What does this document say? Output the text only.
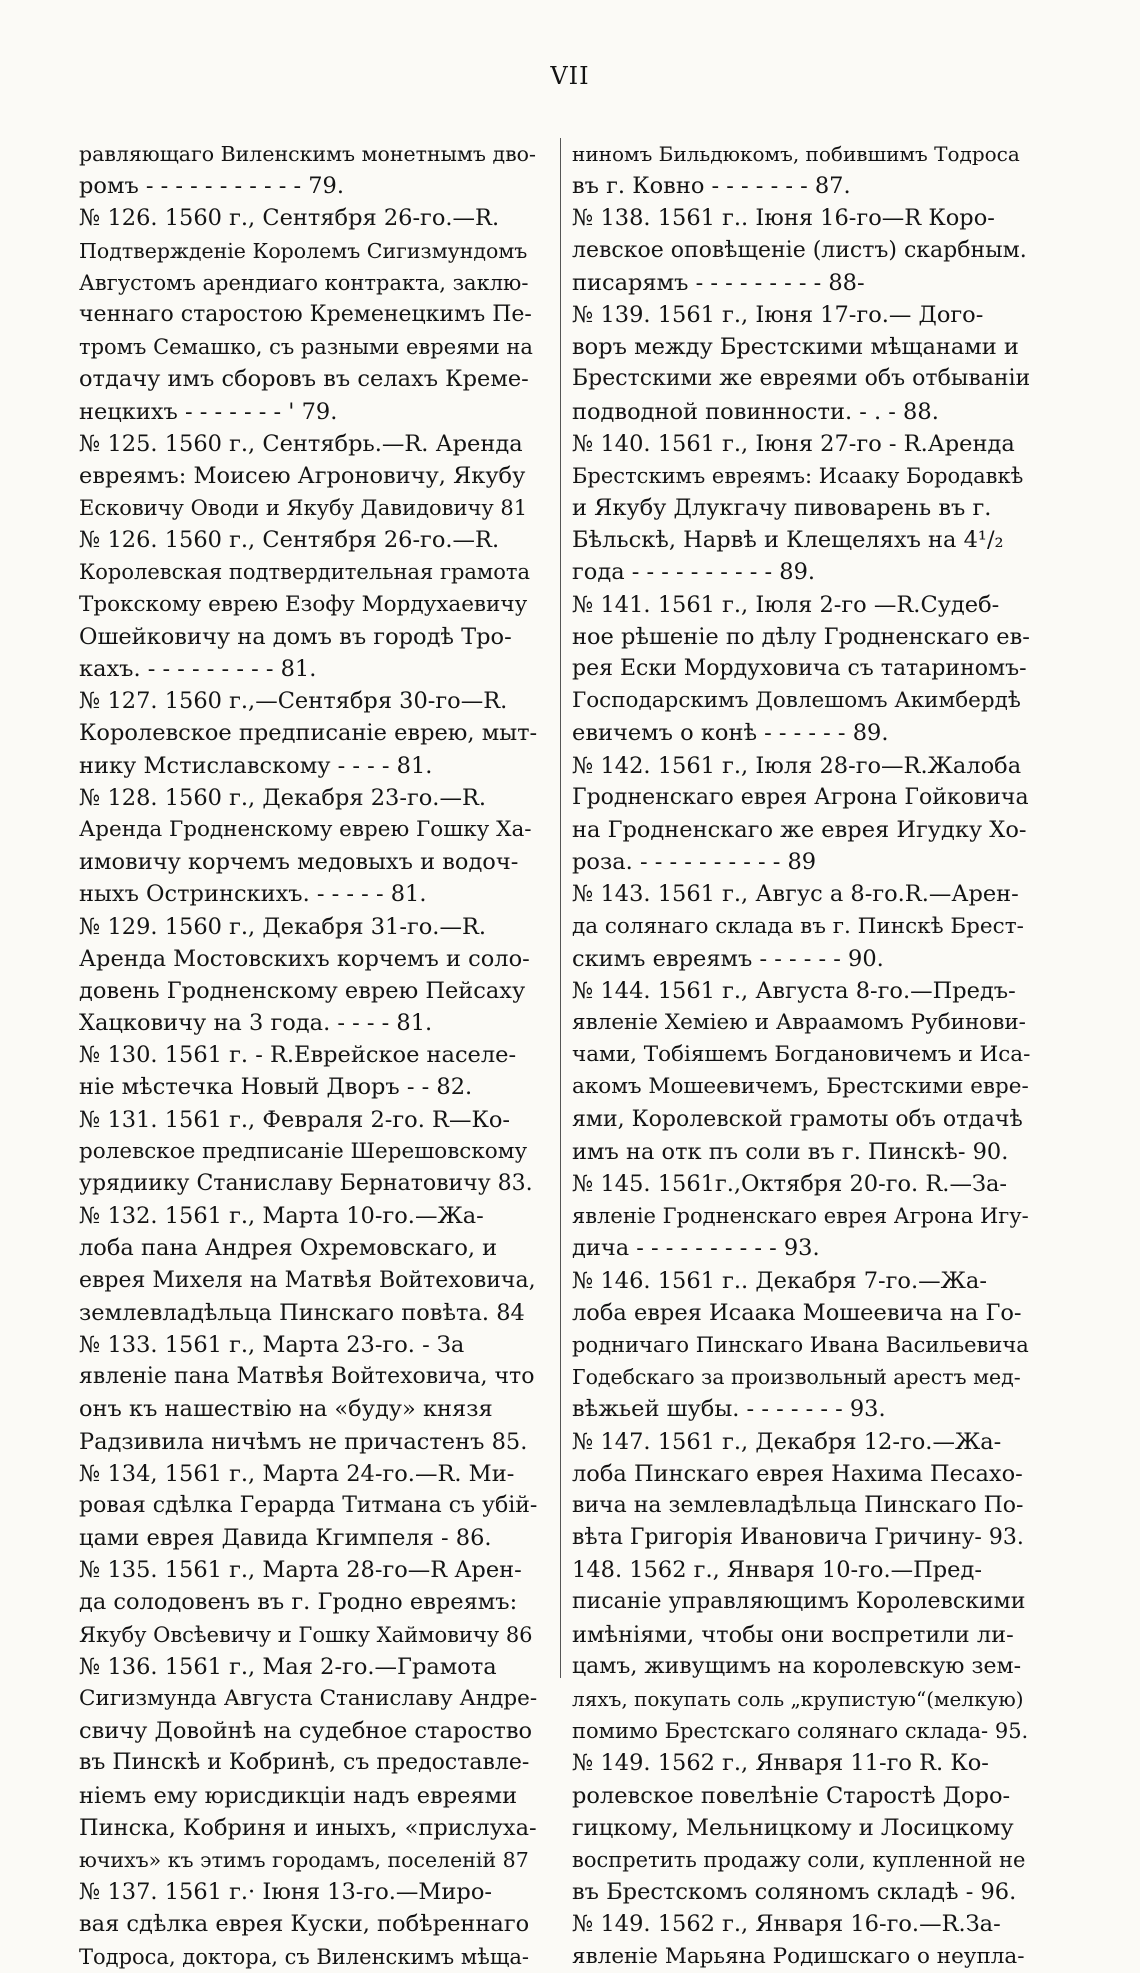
VII
равляющаго Виленскимъ монетнымъ дво-
ромъ - - - - - - - - - - - 79.
№ 126. 1560 г., Сентября 26-го.—R.
Подтвержденіе Королемъ Сигизмундомъ
Августомъ арендиаго контракта, заклю-
ченнаго старостою Кременецкимъ Пе-
тромъ Семашко, съ разными евреями на
отдачу имъ сборовъ въ селахъ Креме-
нецкихъ - - - - - - - ' 79.
№ 125. 1560 г., Сентябрь.—R. Аренда
евреямъ: Моисею Агроновичу, Якубу
Есковичу Оводи и Якубу Давидовичу 81
№ 126. 1560 г., Сентября 26-го.—R.
Королевская подтвердительная грамота
Трокскому еврею Езофу Мордухаевичу
Ошейковичу на домъ въ городѣ Тро-
кахъ. - - - - - - - - - 81.
№ 127. 1560 г.,—Сентября 30-го—R.
Королевское предписаніе еврею, мыт-
нику Мстиславскому - - - - 81.
№ 128. 1560 г., Декабря 23-го.—R.
Аренда Гродненскому еврею Гошку Ха-
имовичу корчемъ медовыхъ и водоч-
ныхъ Остринскихъ. - - - - - 81.
№ 129. 1560 г., Декабря 31-го.—R.
Аренда Мостовскихъ корчемъ и соло-
довень Гродненскому еврею Пейсаху
Хацковичу на 3 года. - - - - 81.
№ 130. 1561 г. - R.Еврейское населе-
ніе мѣстечка Новый Дворъ - - 82.
№ 131. 1561 г., Февраля 2-го. R—Ко-
ролевское предписаніе Шерешовскому
урядиику Станиславу Бернатовичу 83.
№ 132. 1561 г., Марта 10-го.—Жа-
лоба пана Андрея Охремовскаго, и
еврея Михеля на Матвѣя Войтеховича,
землевладѣльца Пинскаго повѣта. 84
№ 133. 1561 г., Марта 23-го. - За
явленіе пана Матвѣя Войтеховича, что
онъ къ нашествію на «буду» князя
Радзивила ничѣмъ не причастенъ 85.
№ 134, 1561 г., Марта 24-го.—R. Ми-
ровая сдѣлка Герарда Титмана съ убій-
цами еврея Давида Кгимпеля - 86.
№ 135. 1561 г., Марта 28-го—R Арен-
да солодовенъ въ г. Гродно евреямъ:
Якубу Овсѣевичу и Гошку Хаймовичу 86
№ 136. 1561 г., Мая 2-го.—Грамота
Сигизмунда Августа Станиславу Андре-
свичу Довойнѣ на судебное староство
въ Пинскѣ и Кобринѣ, съ предоставле-
ніемъ ему юрисдикціи надъ евреями
Пинска, Кобриня и иныхъ, «прислуха-
ючихъ» къ этимъ городамъ, поселеній 87
№ 137. 1561 г.· Іюня 13-го.—Миро-
вая сдѣлка еврея Куски, побѣреннаго
Тодроса, доктора, съ Виленскимъ мѣща-
ниномъ Бильдюкомъ, побившимъ Тодроса
въ г. Ковно - - - - - - - 87.
№ 138. 1561 г.. Іюня 16-го—R Коро-
левское оповѣщеніе (листъ) скарбным.
писарямъ - - - - - - - - - 88-
№ 139. 1561 г., Іюня 17-го.— Дого-
воръ между Брестскими мѣщанами и
Брестскими же евреями объ отбываніи
подводной повинности. - . - 88.
№ 140. 1561 г., Іюня 27-го - R.Аренда
Брестскимъ евреямъ: Исааку Бородавкѣ
и Якубу Длукгачу пивоварень въ г.
Бѣльскѣ, Нарвѣ и Клещеляхъ на 4¹/₂
года - - - - - - - - - - 89.
№ 141. 1561 г., Іюля 2-го —R.Судеб-
ное рѣшеніе по дѣлу Гродненскаго ев-
рея Ески Мордуховича съ татариномъ-
Господарскимъ Довлешомъ Акимбердѣ
евичемъ о конѣ - - - - - - 89.
№ 142. 1561 г., Іюля 28-го—R.Жалоба
Гродненскаго еврея Агрона Гойковича
на Гродненскаго же еврея Игудку Хо-
роза. - - - - - - - - - - 89
№ 143. 1561 г., Авгус а 8-го.R.—Арен-
да солянаго склада въ г. Пинскѣ Брест-
скимъ евреямъ - - - - - - 90.
№ 144. 1561 г., Августа 8-го.—Предъ-
явленіе Хеміею и Авраамомъ Рубинови-
чами, Тобіяшемъ Богдановичемъ и Иса-
акомъ Мошеевичемъ, Брестскими евре-
ями, Королевской грамоты объ отдачѣ
имъ на отк пъ соли въ г. Пинскѣ- 90.
№ 145. 1561г.,Октября 20-го. R.—За-
явленіе Гродненскаго еврея Агрона Игу-
дича - - - - - - - - - - 93.
№ 146. 1561 г.. Декабря 7-го.—Жа-
лоба еврея Исаака Мошеевича на Го-
родничаго Пинскаго Ивана Васильевича
Годебскаго за произвольный арестъ мед-
вѣжьей шубы. - - - - - - - 93.
№ 147. 1561 г., Декабря 12-го.—Жа-
лоба Пинскаго еврея Нахима Песахо-
вича на землевладѣльца Пинскаго По-
вѣта Григорія Ивановича Гричину- 93.
148. 1562 г., Января 10-го.—Пред-
писаніе управляющимъ Королевскими
имѣніями, чтобы они воспретили ли-
цамъ, живущимъ на королевскую зем-
ляхъ, покупать соль „крупистую“(мелкую)
помимо Брестскаго солянаго склада- 95.
№ 149. 1562 г., Января 11-го R. Ко-
ролевское повелѣніе Старостѣ Доро-
гицкому, Мельницкому и Лосицкому
воспретить продажу соли, купленной не
въ Брестскомъ соляномъ складѣ - 96.
№ 149. 1562 г., Января 16-го.—R.За-
явленіе Марьяна Родишскаго о неупла-
